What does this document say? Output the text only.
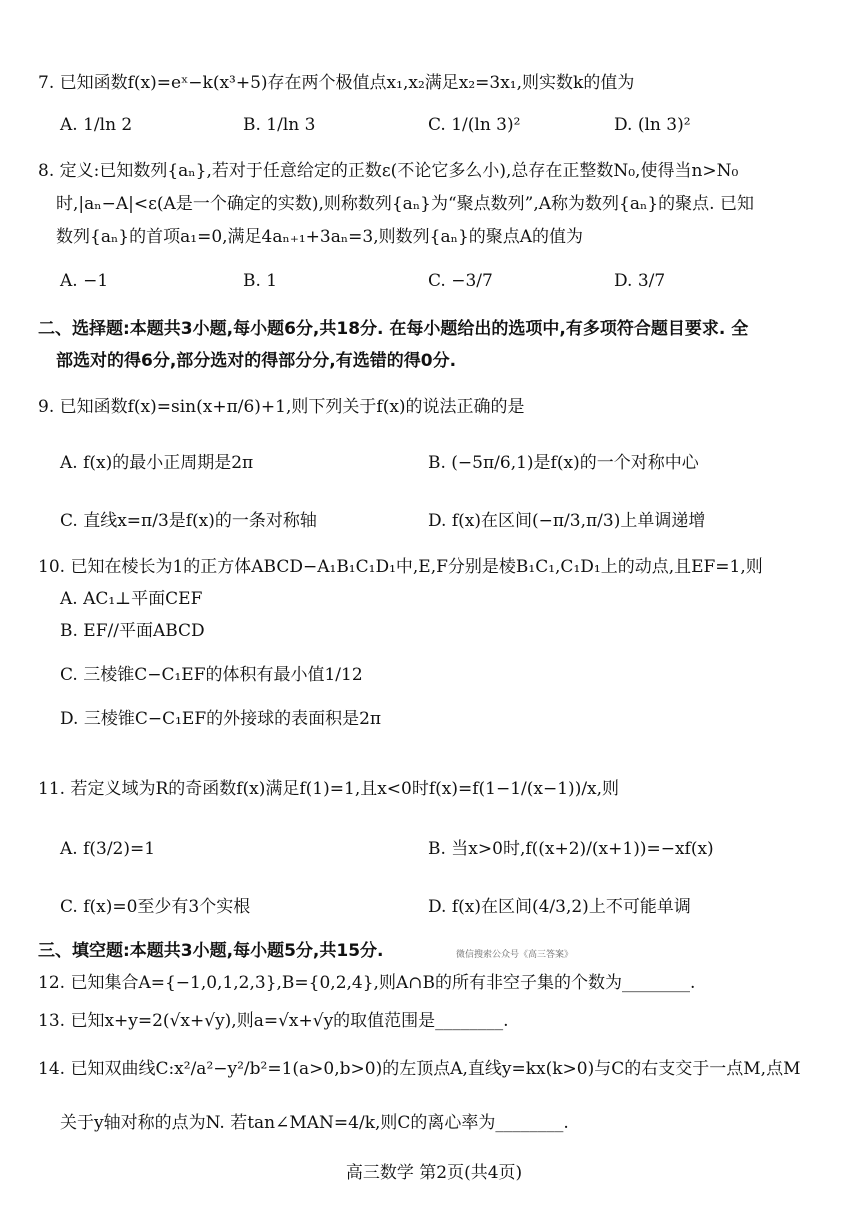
7. 已知函数f(x)=eˣ−k(x³+5)存在两个极值点x₁,x₂满足x₂=3x₁,则实数k的值为
A. 1/ln 2	B. 1/ln 3	C. 1/(ln 3)²	D. (ln 3)²
8. 定义:已知数列{aₙ},若对于任意给定的正数ε(不论它多么小),总存在正整数N₀,使得当n>N₀
时,|aₙ−A|<ε(A是一个确定的实数),则称数列{aₙ}为“聚点数列”,A称为数列{aₙ}的聚点. 已知
数列{aₙ}的首项a₁=0,满足4aₙ₊₁+3aₙ=3,则数列{aₙ}的聚点A的值为
A. −1	B. 1	C. −3/7	D. 3/7
二、选择题:本题共3小题,每小题6分,共18分. 在每小题给出的选项中,有多项符合题目要求. 全
部选对的得6分,部分选对的得部分分,有选错的得0分.
9. 已知函数f(x)=sin(x+π/6)+1,则下列关于f(x)的说法正确的是
A. f(x)的最小正周期是2π	B. (−5π/6,1)是f(x)的一个对称中心
C. 直线x=π/3是f(x)的一条对称轴	D. f(x)在区间(−π/3,π/3)上单调递增
10. 已知在棱长为1的正方体ABCD−A₁B₁C₁D₁中,E,F分别是棱B₁C₁,C₁D₁上的动点,且EF=1,则
A. AC₁⊥平面CEF
B. EF//平面ABCD
C. 三棱锥C−C₁EF的体积有最小值1/12
D. 三棱锥C−C₁EF的外接球的表面积是2π
11. 若定义域为R的奇函数f(x)满足f(1)=1,且x<0时f(x)=f(1−1/(x−1))/x,则
A. f(3/2)=1	B. 当x>0时,f((x+2)/(x+1))=−xf(x)
C. f(x)=0至少有3个实根	D. f(x)在区间(4/3,2)上不可能单调
三、填空题:本题共3小题,每小题5分,共15分.	微信搜索公众号《高三答案》
12. 已知集合A={−1,0,1,2,3},B={0,2,4},则A∩B的所有非空子集的个数为________.
13. 已知x+y=2(√x+√y),则a=√x+√y的取值范围是________.
14. 已知双曲线C:x²/a²−y²/b²=1(a>0,b>0)的左顶点A,直线y=kx(k>0)与C的右支交于一点M,点M
关于y轴对称的点为N. 若tan∠MAN=4/k,则C的离心率为________.
高三数学 第2页(共4页)
